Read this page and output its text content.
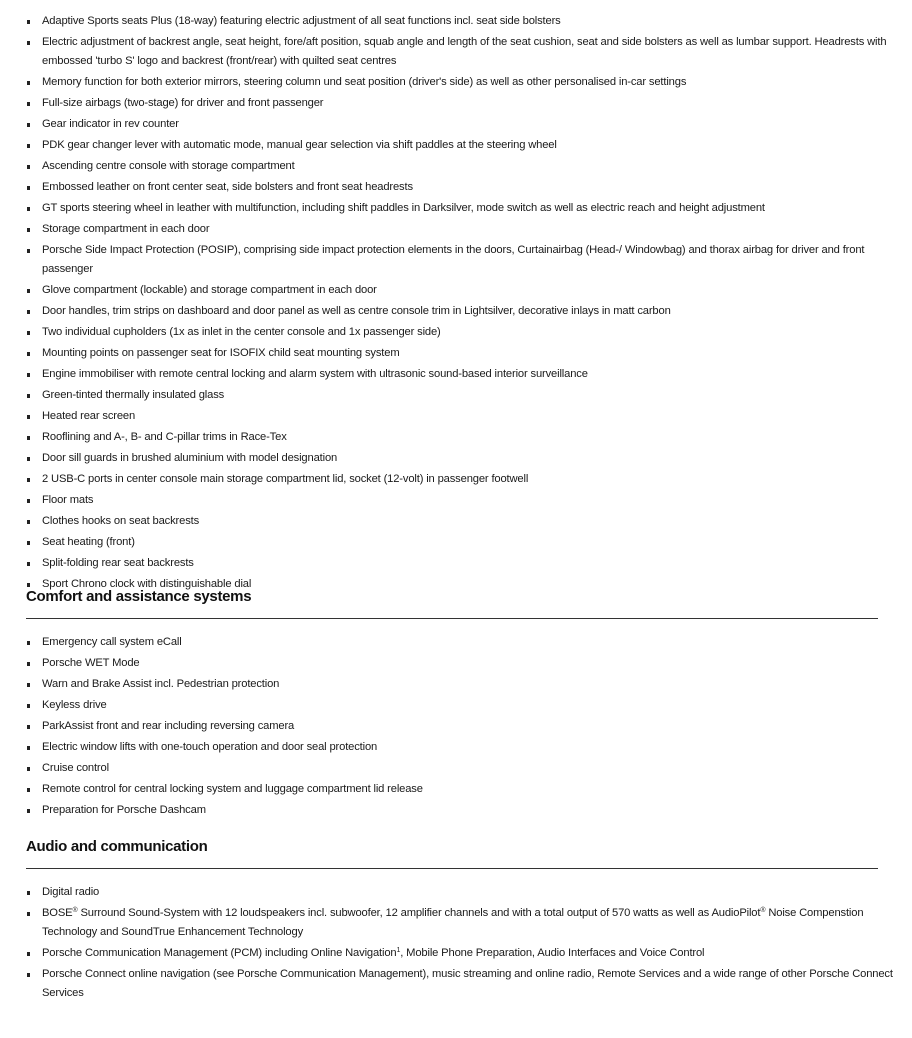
Adaptive Sports seats Plus (18-way) featuring electric adjustment of all seat functions incl. seat side bolsters
Electric adjustment of backrest angle, seat height, fore/aft position, squab angle and length of the seat cushion, seat and side bolsters as well as lumbar support. Headrests with embossed 'turbo S' logo and backrest (front/rear) with quilted seat centres
Memory function for both exterior mirrors, steering column und seat position (driver's side) as well as other personalised in-car settings
Full-size airbags (two-stage) for driver and front passenger
Gear indicator in rev counter
PDK gear changer lever with automatic mode, manual gear selection via shift paddles at the steering wheel
Ascending centre console with storage compartment
Embossed leather on front center seat, side bolsters and front seat headrests
GT sports steering wheel in leather with multifunction, including shift paddles in Darksilver, mode switch as well as electric reach and height adjustment
Storage compartment in each door
Porsche Side Impact Protection (POSIP), comprising side impact protection elements in the doors, Curtainairbag (Head-/ Windowbag) and thorax airbag for driver and front passenger
Glove compartment (lockable) and storage compartment in each door
Door handles, trim strips on dashboard and door panel as well as centre console trim in Lightsilver, decorative inlays in matt carbon
Two individual cupholders (1x as inlet in the center console and 1x passenger side)
Mounting points on passenger seat for ISOFIX child seat mounting system
Engine immobiliser with remote central locking and alarm system with ultrasonic sound-based interior surveillance
Green-tinted thermally insulated glass
Heated rear screen
Rooflining and A-, B- and C-pillar trims in Race-Tex
Door sill guards in brushed aluminium with model designation
2 USB-C ports in center console main storage compartment lid, socket (12-volt) in passenger footwell
Floor mats
Clothes hooks on seat backrests
Seat heating (front)
Split-folding rear seat backrests
Sport Chrono clock with distinguishable dial
Comfort and assistance systems
Emergency call system eCall
Porsche WET Mode
Warn and Brake Assist incl. Pedestrian protection
Keyless drive
ParkAssist front and rear including reversing camera
Electric window lifts with one-touch operation and door seal protection
Cruise control
Remote control for central locking system and luggage compartment lid release
Preparation for Porsche Dashcam
Audio and communication
Digital radio
BOSE® Surround Sound-System with 12 loudspeakers incl. subwoofer, 12 amplifier channels and with a total output of 570 watts as well as AudioPilot® Noise Compenstion Technology and SoundTrue Enhancement Technology
Porsche Communication Management (PCM) including Online Navigation$^1$, Mobile Phone Preparation, Audio Interfaces and Voice Control
Porsche Connect online navigation (see Porsche Communication Management), music streaming and online radio, Remote Services and a wide range of other Porsche Connect Services
